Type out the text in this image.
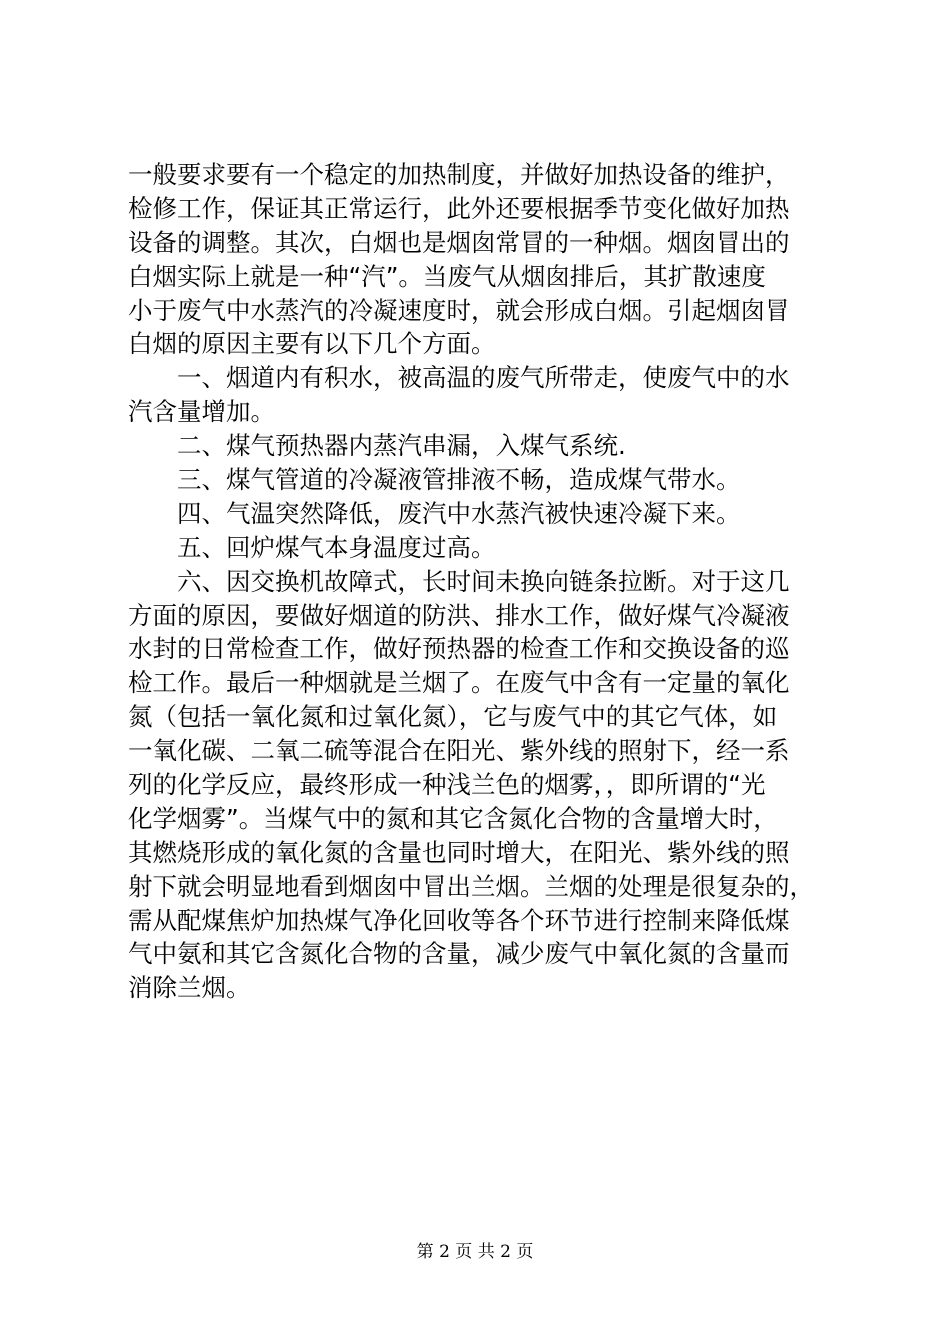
一般要求要有一个稳定的加热制度，并做好加热设备的维护，
检修工作，保证其正常运行，此外还要根据季节变化做好加热
设备的调整。其次，白烟也是烟囱常冒的一种烟。烟囱冒出的
白烟实际上就是一种“汽”。当废气从烟囱排后，其扩散速度
小于废气中水蒸汽的冷凝速度时，就会形成白烟。引起烟囱冒
白烟的原因主要有以下几个方面。
　　一、烟道内有积水，被高温的废气所带走，使废气中的水
汽含量增加。
　　二、煤气预热器内蒸汽串漏，入煤气系统.
　　三、煤气管道的冷凝液管排液不畅，造成煤气带水。
　　四、气温突然降低，废汽中水蒸汽被快速冷凝下来。
　　五、回炉煤气本身温度过高。
　　六、因交换机故障式，长时间未换向链条拉断。对于这几
方面的原因，要做好烟道的防洪、排水工作，做好煤气冷凝液
水封的日常检查工作，做好预热器的检查工作和交换设备的巡
检工作。最后一种烟就是兰烟了。在废气中含有一定量的氧化
氮（包括一氧化氮和过氧化氮），它与废气中的其它气体，如
一氧化碳、二氧二硫等混合在阳光、紫外线的照射下，经一系
列的化学反应，最终形成一种浅兰色的烟雾，，即所谓的“光
化学烟雾”。当煤气中的氮和其它含氮化合物的含量增大时，
其燃烧形成的氧化氮的含量也同时增大，在阳光、紫外线的照
射下就会明显地看到烟囱中冒出兰烟。兰烟的处理是很复杂的，
需从配煤焦炉加热煤气净化回收等各个环节进行控制来降低煤
气中氨和其它含氮化合物的含量，减少废气中氧化氮的含量而
消除兰烟。
第 2 页 共 2 页
